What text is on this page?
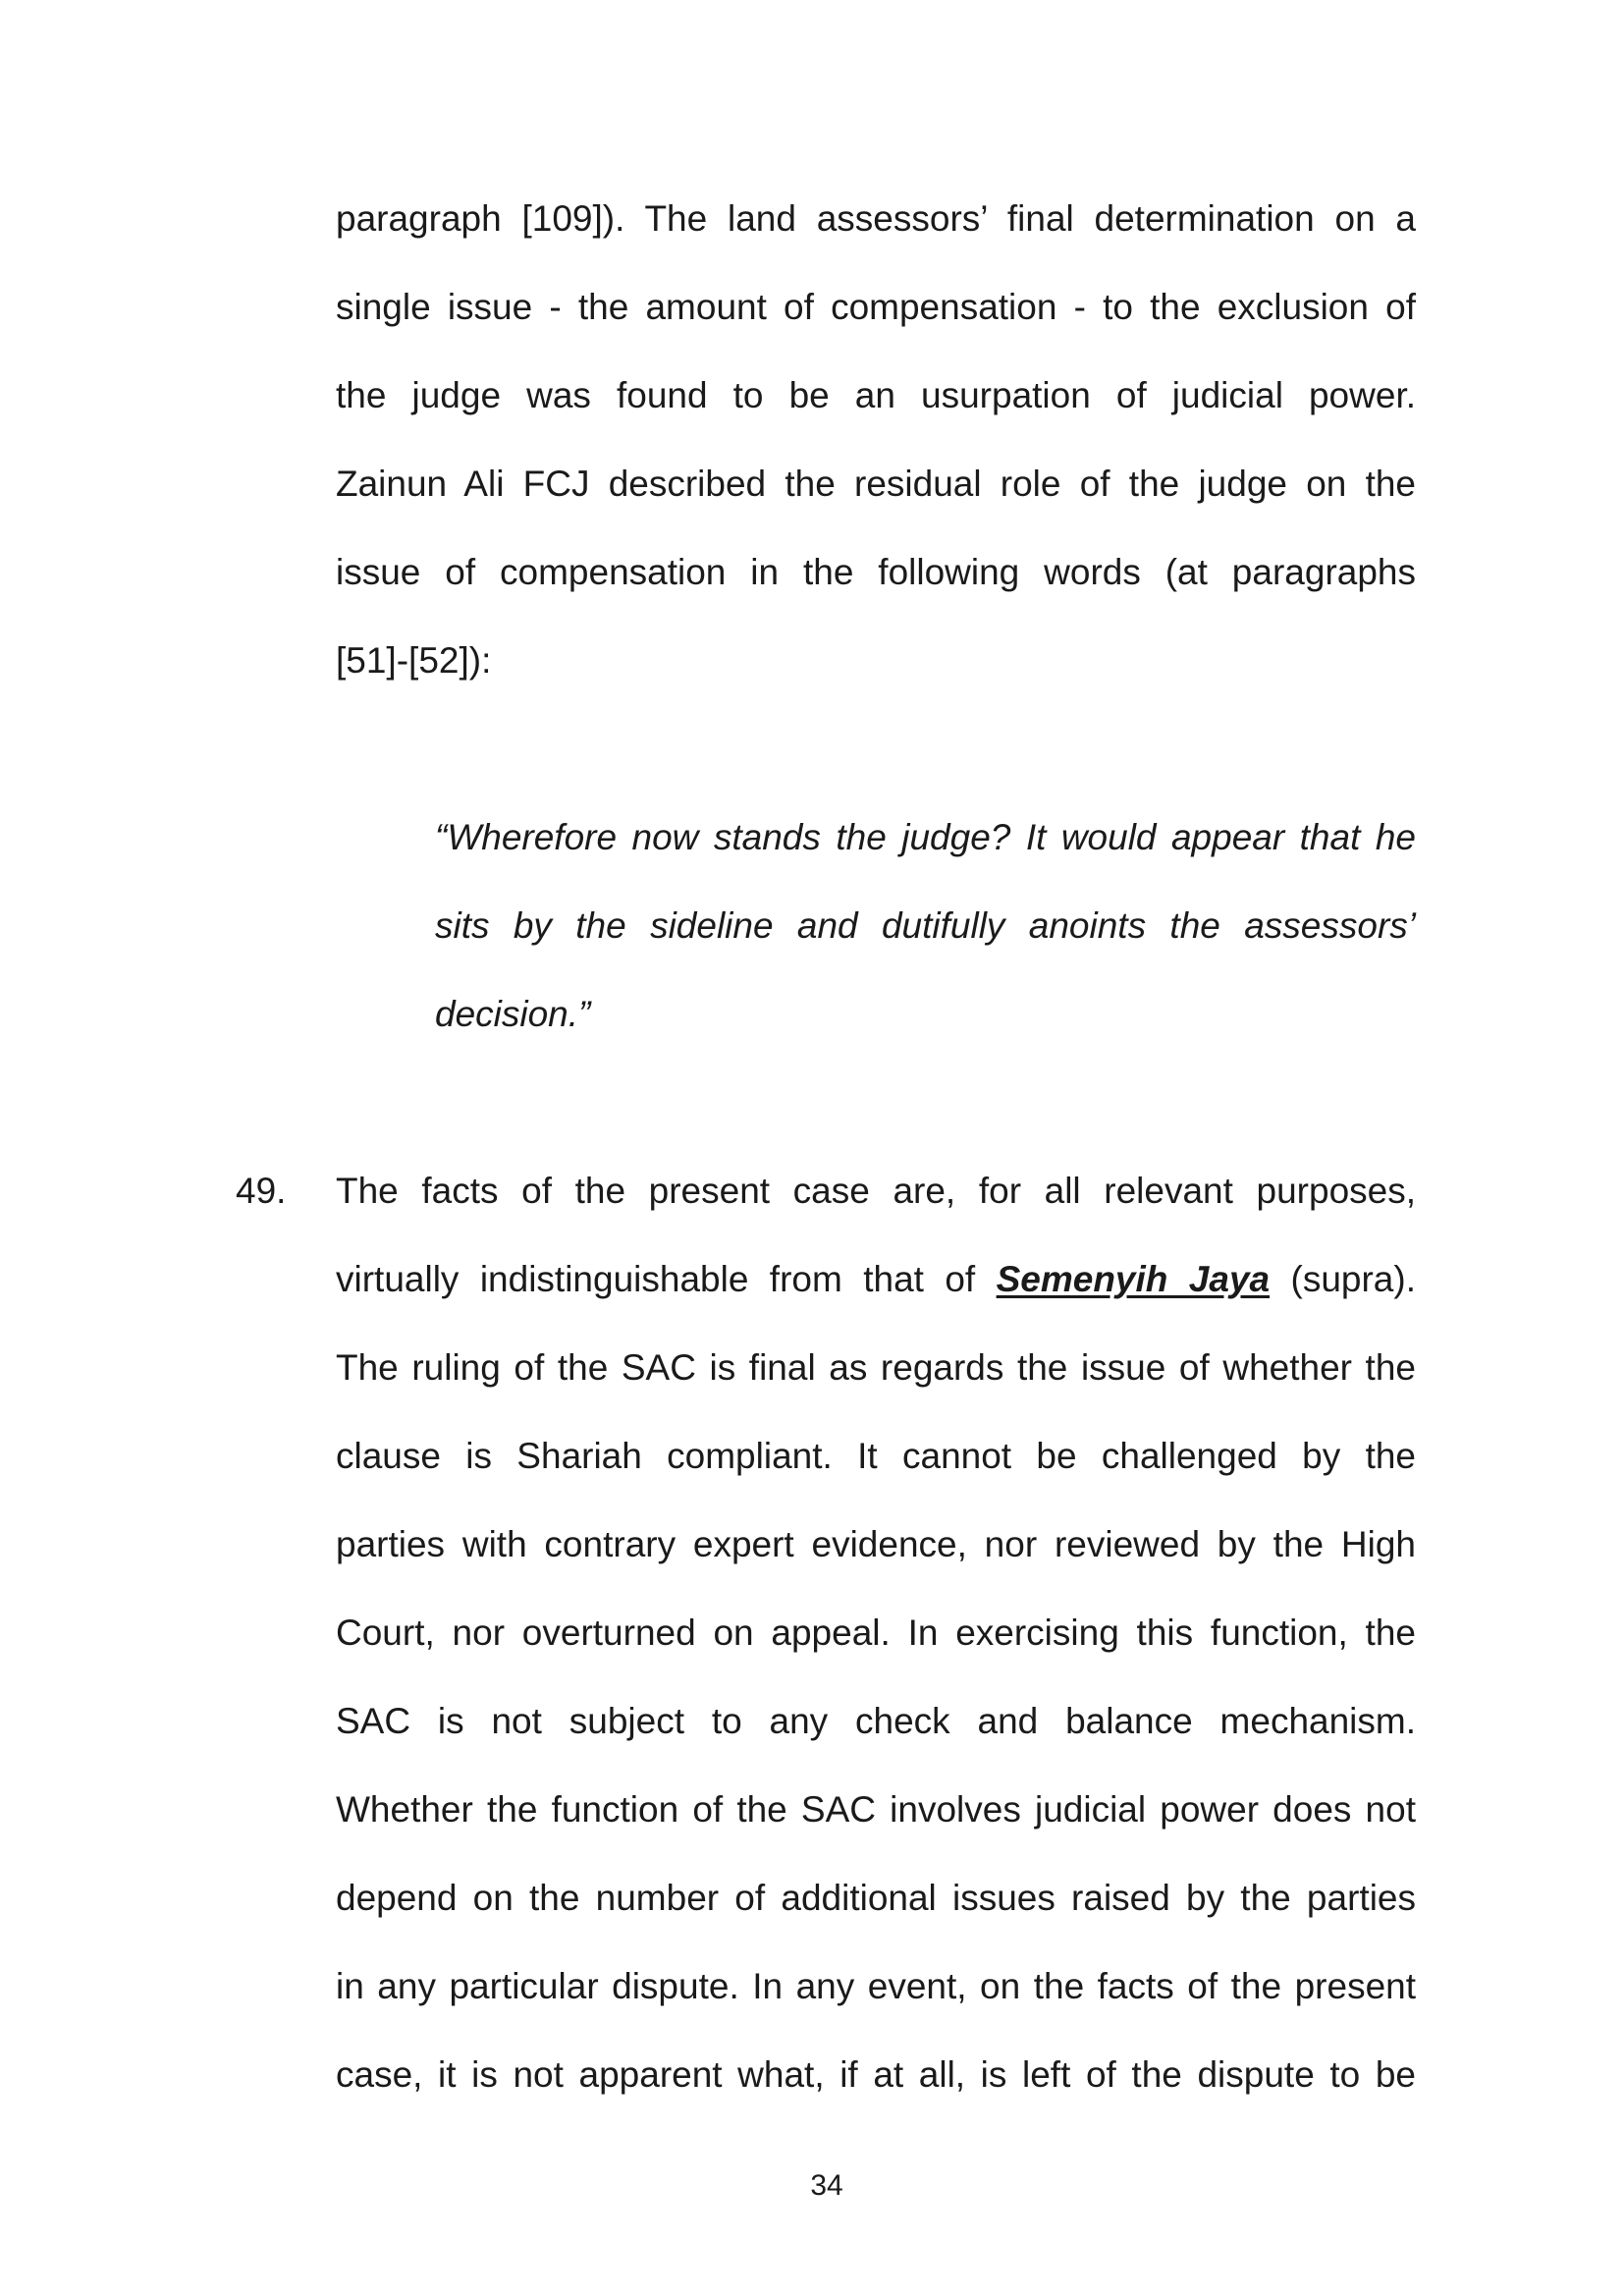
paragraph [109]). The land assessors’ final determination on a
single issue - the amount of compensation - to the exclusion of
the judge was found to be an usurpation of judicial power.
Zainun Ali FCJ described the residual role of the judge on the
issue of compensation in the following words (at paragraphs
[51]-[52]):
“Wherefore now stands the judge? It would appear that he
sits by the sideline and dutifully anoints the assessors’
decision.”
49. The facts of the present case are, for all relevant purposes,
virtually indistinguishable from that of Semenyih Jaya (supra).
The ruling of the SAC is final as regards the issue of whether the
clause is Shariah compliant. It cannot be challenged by the
parties with contrary expert evidence, nor reviewed by the High
Court, nor overturned on appeal. In exercising this function, the
SAC is not subject to any check and balance mechanism.
Whether the function of the SAC involves judicial power does not
depend on the number of additional issues raised by the parties
in any particular dispute. In any event, on the facts of the present
case, it is not apparent what, if at all, is left of the dispute to be
34
